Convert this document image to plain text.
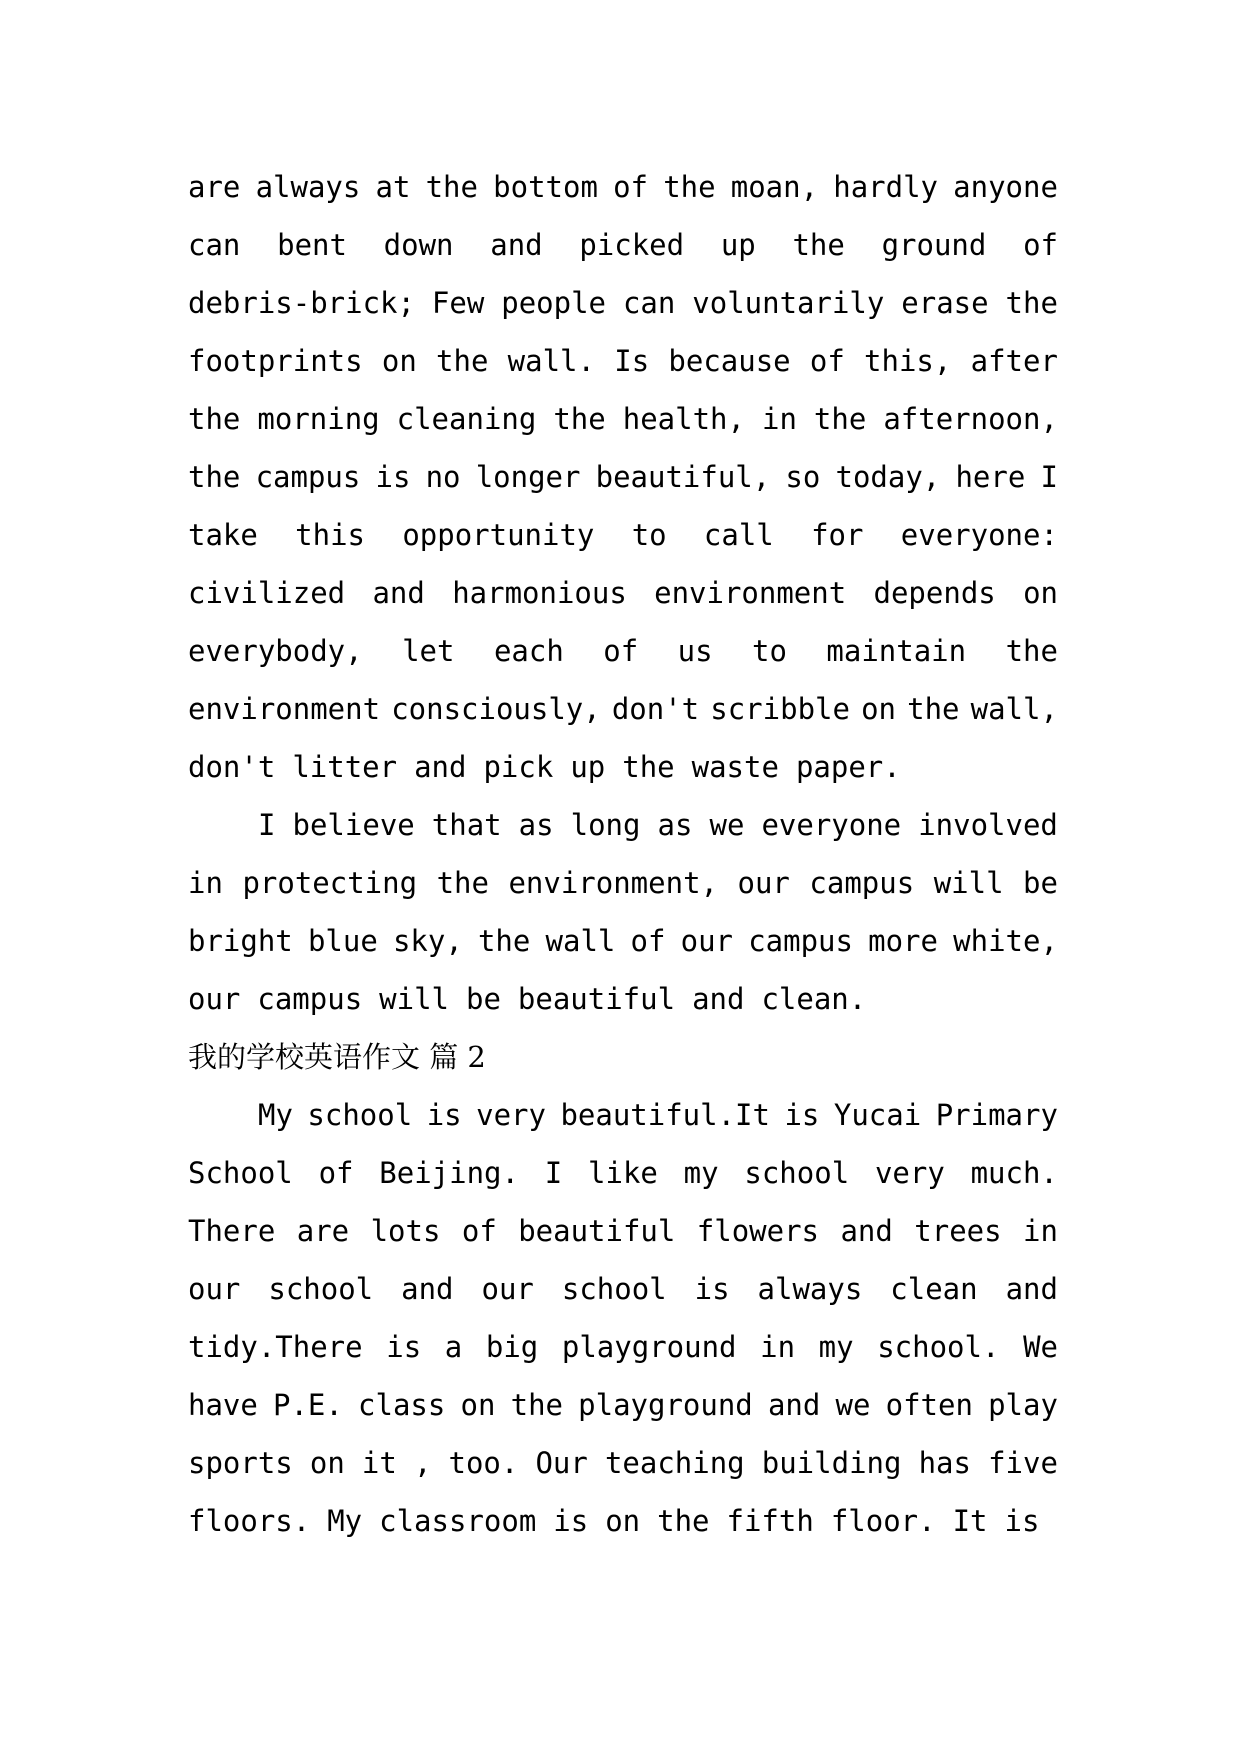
are always at the bottom of the moan, hardly anyone
can bent down and picked up the ground of
debris-brick; Few people can voluntarily erase the
footprints on the wall. Is because of this, after
the morning cleaning the health, in the afternoon,
the campus is no longer beautiful, so today, here I
take this opportunity to call for everyone:
civilized and harmonious environment depends on
everybody, let each of us to maintain the
environment consciously, don't scribble on the wall,
don't litter and pick up the waste paper.
I believe that as long as we everyone involved
in protecting the environment, our campus will be
bright blue sky, the wall of our campus more white,
our campus will be beautiful and clean.
我的学校英语作文 篇 2
My school is very beautiful.It is Yucai Primary
School of Beijing. I like my school very much.
There are lots of beautiful flowers and trees in
our school and our school is always clean and
tidy.There is a big playground in my school. We
have P.E. class on the playground and we often play
sports on it , too. Our teaching building has five
floors. My classroom is on the fifth floor. It is
